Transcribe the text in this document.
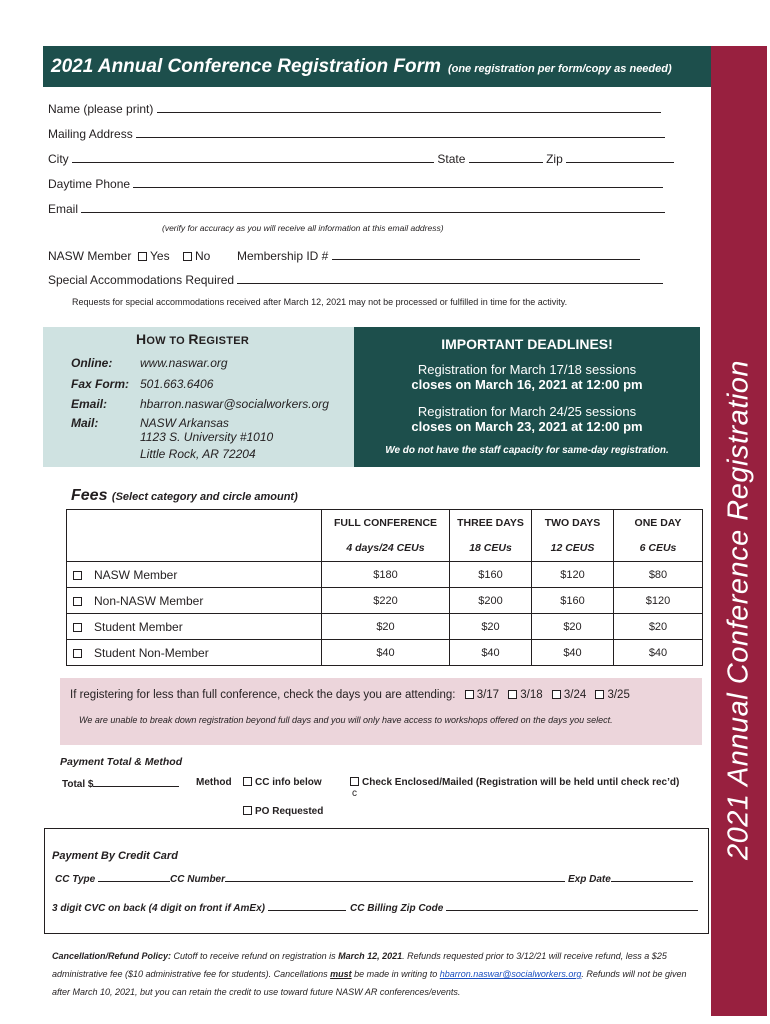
2021 Annual Conference Registration Form (one registration per form/copy as needed)
2021 Annual Conference Registration
Name (please print)
Mailing Address
City	State	Zip
Daytime Phone
Email
(verify for accuracy as you will receive all information at this email address)
NASW Member Yes No Membership ID #
Special Accommodations Required
Requests for special accommodations received after March 12, 2021 may not be processed or fulfilled in time for the activity.
HOW TO REGISTER
Online: www.naswar.org
Fax Form: 501.663.6406
Email:	hbarron.naswar@socialworkers.org
Mail:	NASW Arkansas
1123 S. University #1010
Little Rock, AR 72204
IMPORTANT DEADLINES!
Registration for March 17/18 sessions
closes on March 16, 2021 at 12:00 pm
Registration for March 24/25 sessions
closes on March 23, 2021 at 12:00 pm
We do not have the staff capacity for same-day registration.
Fees (Select category and circle amount)
	FULL CONFERENCE	THREE DAYS	TWO DAYS	ONE DAY
	4 days/24 CEUs	18 CEUs	12 CEUS	6 CEUs
NASW Member	$180	$160	$120	$80
Non-NASW Member	$220	$200	$160	$120
Student Member	$20	$20	$20	$20
Student Non-Member	$40	$40	$40	$40
If registering for less than full conference, check the days you are attending: 3/17 3/18 3/24 3/25
We are unable to break down registration beyond full days and you will only have access to workshops offered on the days you select.
Payment Total & Method
Total $	Method	CC info below	Check Enclosed/Mailed (Registration will be held until check rec’d)
c
PO Requested
Payment By Credit Card
CC Type	CC Number	Exp Date
3 digit CVC on back (4 digit on front if AmEx)	CC Billing Zip Code
Cancellation/Refund Policy: Cutoff to receive refund on registration is March 12, 2021. Refunds requested prior to 3/12/21 will receive refund, less a $25 administrative fee ($10 administrative fee for students). Cancellations must be made in writing to hbarron.naswar@socialworkers.org. Refunds will not be given after March 10, 2021, but you can retain the credit to use toward future NASW AR conferences/events.
